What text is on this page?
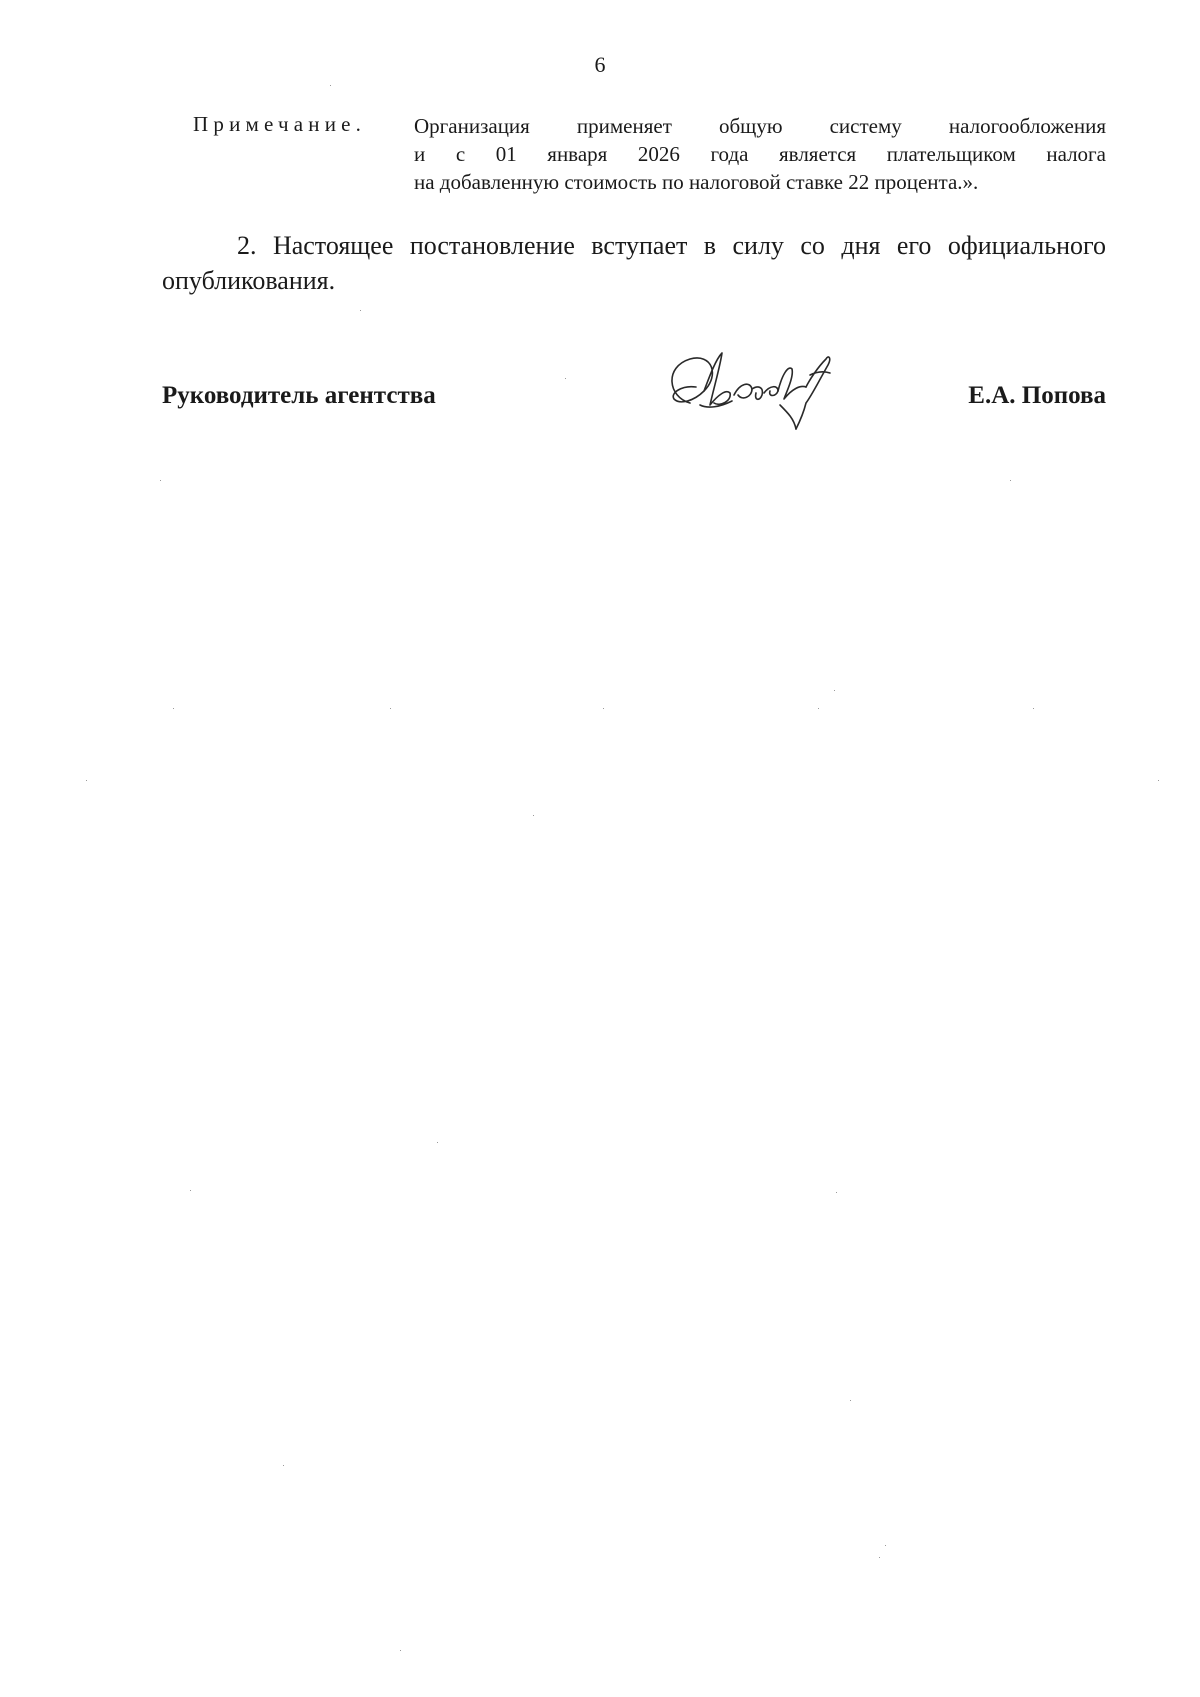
6
Примечание. Организация применяет общую систему налогообложения
и с 01 января 2026 года является плательщиком налога
на добавленную стоимость по налоговой ставке 22 процента.».
2. Настоящее постановление вступает в силу со дня его официального
опубликования.
Руководитель агентства	Е.А. Попова
